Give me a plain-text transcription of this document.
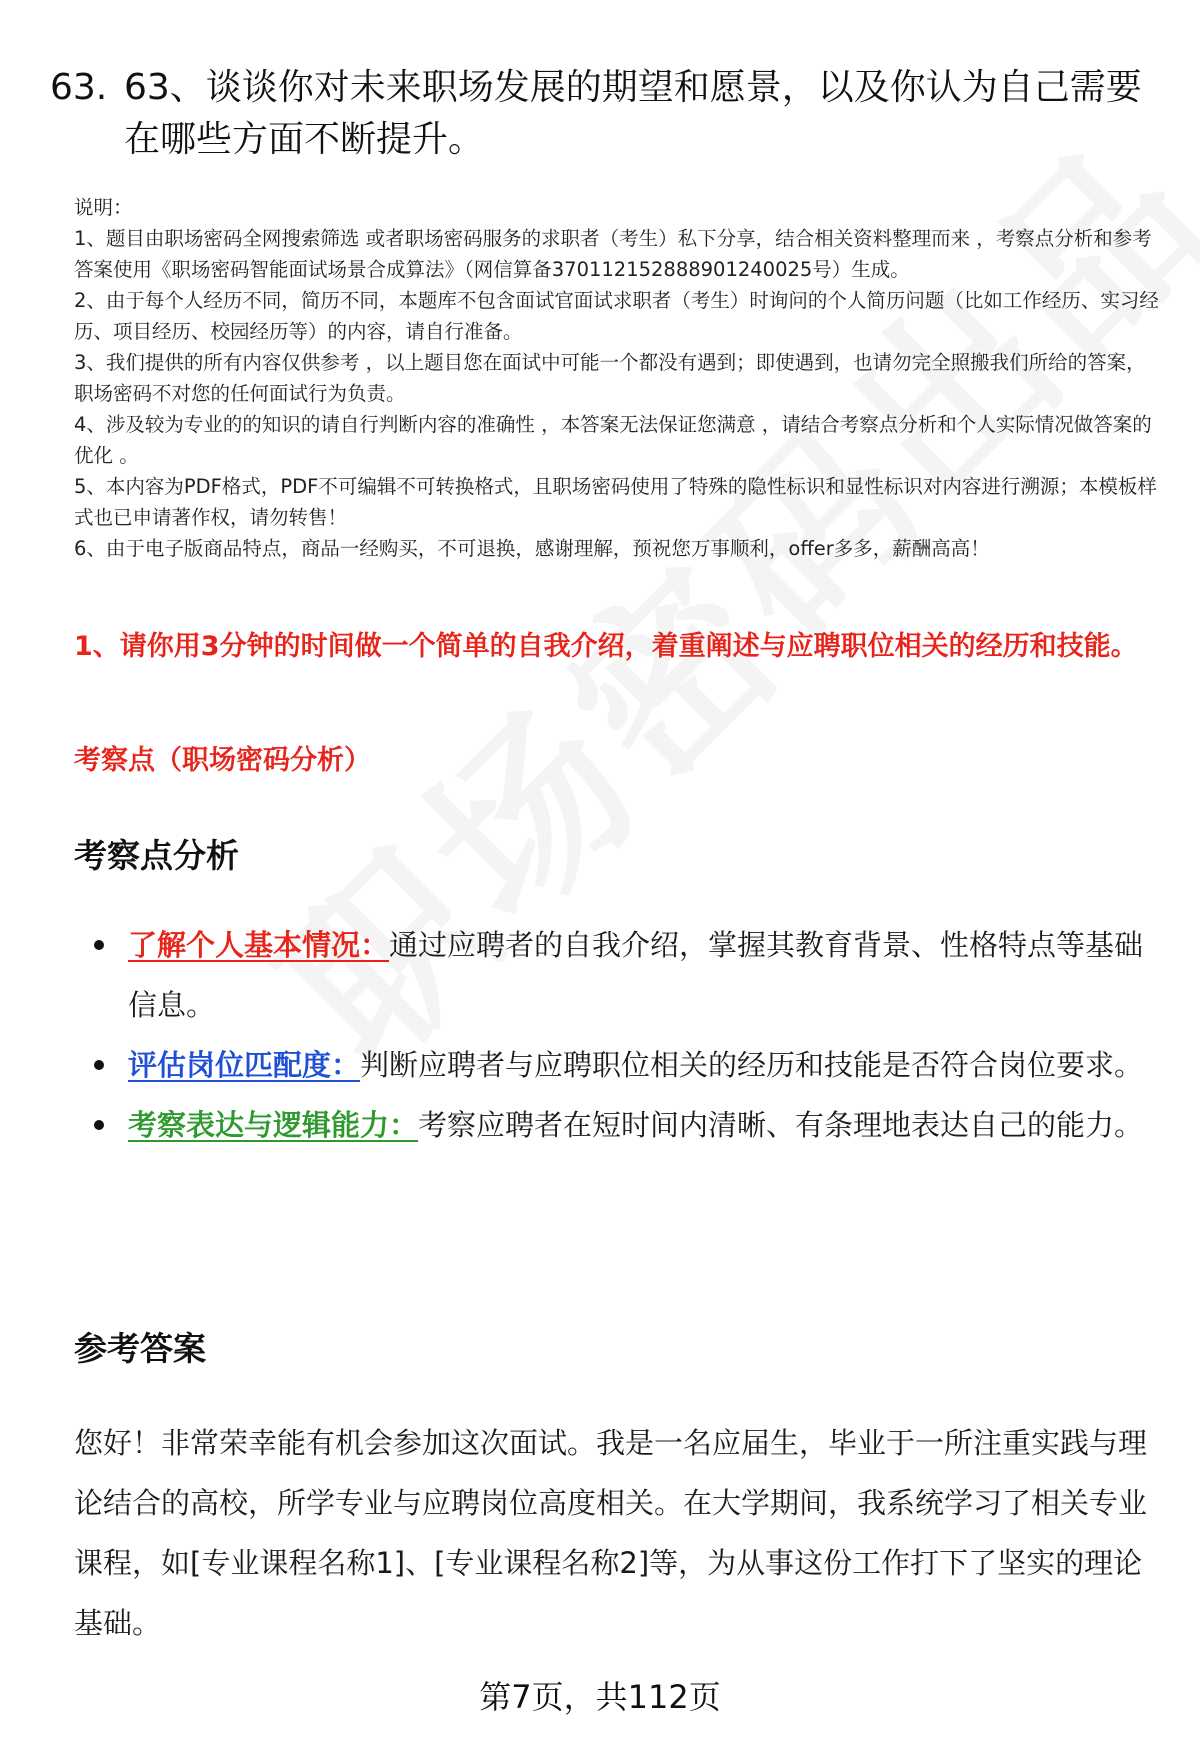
63. 63、谈谈你对未来职场发展的期望和愿景，以及你认为自己需要在哪些方面不断提升。

说明：

1、题目由职场密码全网搜索筛选 或者职场密码服务的求职者（考生）私下分享，结合相关资料整理而来 ，考察点分析和参考答案使用《职场密码智能面试场景合成算法》（网信算备370112152888901240025号）生成。

2、由于每个人经历不同，简历不同，本题库不包含面试官面试求职者（考生）时询问的个人简历问题（比如工作经历、实习经历、项目经历、校园经历等）的内容，请自行准备。

3、我们提供的所有内容仅供参考 ，以上题目您在面试中可能一个都没有遇到；即使遇到，也请勿完全照搬我们所给的答案，职场密码不对您的任何面试行为负责。

4、涉及较为专业的的知识的请自行判断内容的准确性 ，本答案无法保证您满意 ，请结合考察点分析和个人实际情况做答案的优化 。

5、本内容为PDF格式，PDF不可编辑不可转换格式，且职场密码使用了特殊的隐性标识和显性标识对内容进行溯源；本模板样式也已申请著作权，请勿转售！

6、由于电子版商品特点，商品一经购买，不可退换，感谢理解，预祝您万事顺利，offer多多，薪酬高高！

1、请你用3分钟的时间做一个简单的自我介绍，着重阐述与应聘职位相关的经历和技能。
考察点（职场密码分析）
考察点分析
了解个人基本情况：通过应聘者的自我介绍，掌握其教育背景、性格特点等基础信息。
评估岗位匹配度：判断应聘者与应聘职位相关的经历和技能是否符合岗位要求。
考察表达与逻辑能力：考察应聘者在短时间内清晰、有条理地表达自己的能力。
参考答案
您好！非常荣幸能有机会参加这次面试。我是一名应届生，毕业于一所注重实践与理论结合的高校，所学专业与应聘岗位高度相关。在大学期间，我系统学习了相关专业课程，如[专业课程名称1]、[专业课程名称2]等，为从事这份工作打下了坚实的理论基础。
第7页，共112页
